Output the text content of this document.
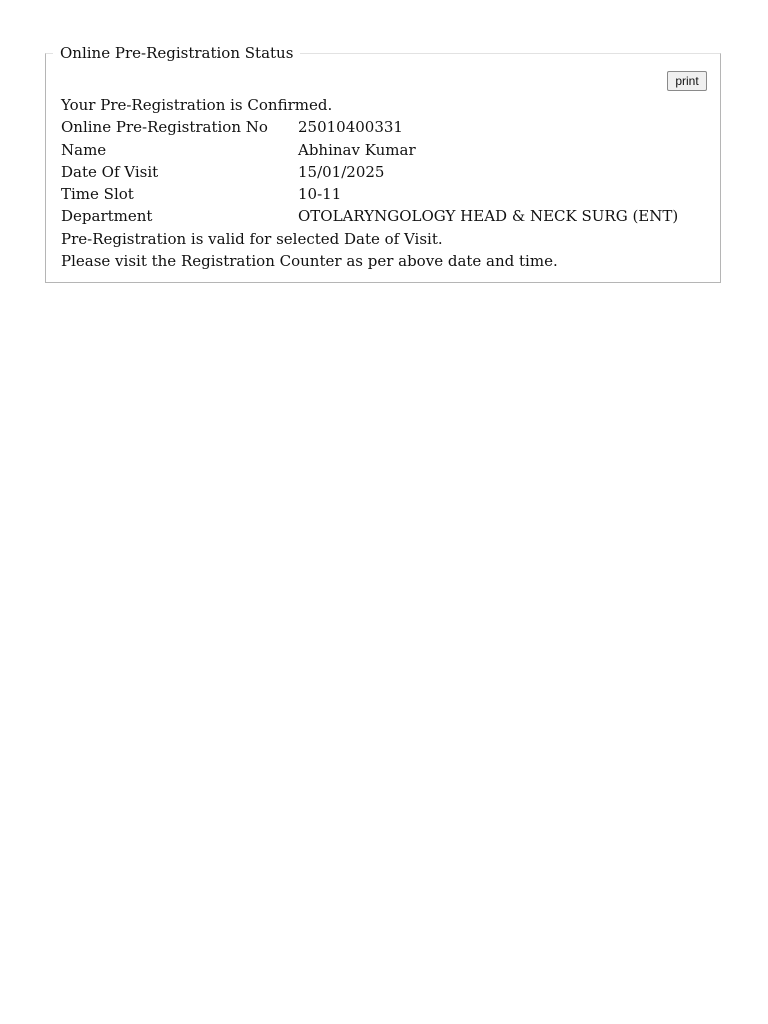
Online Pre-Registration Status
print
Your Pre-Registration is Confirmed.
Online Pre-Registration No	25010400331
Name	Abhinav Kumar
Date Of Visit	15/01/2025
Time Slot	10-11
Department	OTOLARYNGOLOGY HEAD & NECK SURG (ENT)
Pre-Registration is valid for selected Date of Visit.
Please visit the Registration Counter as per above date and time.
